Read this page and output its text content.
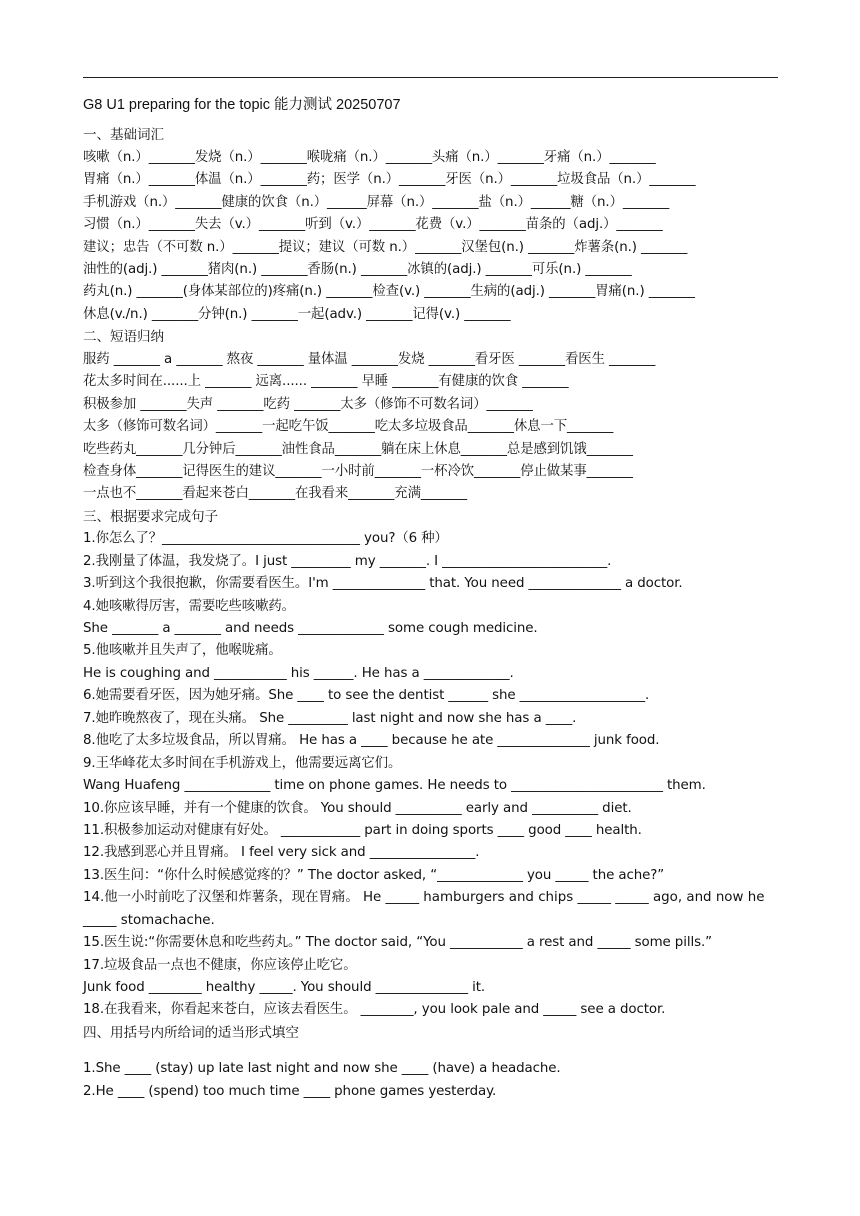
G8 U1 preparing for the topic 能力测试 20250707
一、基础词汇
咳嗽（n.）_______发烧（n.）_______喉咙痛（n.）_______头痛（n.）_______牙痛（n.）_______
胃痛（n.）_______体温（n.）_______药；医学（n.）_______牙医（n.）_______垃圾食品（n.）_______
手机游戏（n.）_______健康的饮食（n.）______屏幕（n.）_______盐（n.）______糖（n.）_______
习惯（n.）_______失去（v.）_______听到（v.）_______花费（v.）_______苗条的（adj.）_______
建议；忠告（不可数 n.）_______提议；建议（可数 n.）_______汉堡包(n.) _______炸薯条(n.) _______
油性的(adj.) _______猪肉(n.) _______香肠(n.) _______冰镇的(adj.) _______可乐(n.) _______
药丸(n.) _______(身体某部位的)疼痛(n.) _______检查(v.) _______生病的(adj.) _______胃痛(n.) _______
休息(v./n.) _______分钟(n.) _______一起(adv.) _______记得(v.) _______
二、短语归纳
服药 _______ a _______ 熬夜 _______ 量体温 _______发烧 _______看牙医 _______看医生 _______
花太多时间在......上 _______ 远离...... _______ 早睡 _______有健康的饮食 _______
积极参加 _______失声 _______吃药 _______太多（修饰不可数名词）_______
太多（修饰可数名词）_______一起吃午饭_______吃太多垃圾食品_______休息一下_______
吃些药丸_______几分钟后_______油性食品_______躺在床上休息_______总是感到饥饿_______
检查身体_______记得医生的建议_______一小时前_______一杯冷饮_______停止做某事_______
一点也不_______看起来苍白_______在我看来_______充满_______
三、根据要求完成句子
1.你怎么了？______________________________ you?（6 种）
2.我刚量了体温，我发烧了。I just _________ my _______. I _________________________.
3.听到这个我很抱歉，你需要看医生。I'm ______________ that. You need ______________ a doctor.
4.她咳嗽得厉害，需要吃些咳嗽药。
She _______ a _______ and needs _____________ some cough medicine.
5.他咳嗽并且失声了，他喉咙痛。
He is coughing and ___________ his ______. He has a _____________.
6.她需要看牙医，因为她牙痛。She ____ to see the dentist ______ she ___________________.
7.她昨晚熬夜了，现在头痛。 She _________ last night and now she has a ____.
8.他吃了太多垃圾食品，所以胃痛。 He has a ____ because he ate ______________ junk food.
9.王华峰花太多时间在手机游戏上，他需要远离它们。
Wang Huafeng _____________ time on phone games. He needs to _______________________ them.
10.你应该早睡，并有一个健康的饮食。 You should __________ early and __________ diet.
11.积极参加运动对健康有好处。 ____________ part in doing sports ____ good ____ health.
12.我感到恶心并且胃痛。 I feel very sick and ________________.
13.医生问：“你什么时候感觉疼的？” The doctor asked, “_____________ you _____ the ache?”
14.他一小时前吃了汉堡和炸薯条，现在胃痛。 He _____ hamburgers and chips _____ _____ ago, and now he _____ stomachache.
15.医生说:“你需要休息和吃些药丸。” The doctor said, “You ___________ a rest and _____ some pills.”
17.垃圾食品一点也不健康，你应该停止吃它。
Junk food ________ healthy _____. You should ______________ it.
18.在我看来，你看起来苍白，应该去看医生。 ________, you look pale and _____ see a doctor.
四、用括号内所给词的适当形式填空
1.She ____ (stay) up late last night and now she ____ (have) a headache.
2.He ____ (spend) too much time ____ phone games yesterday.
